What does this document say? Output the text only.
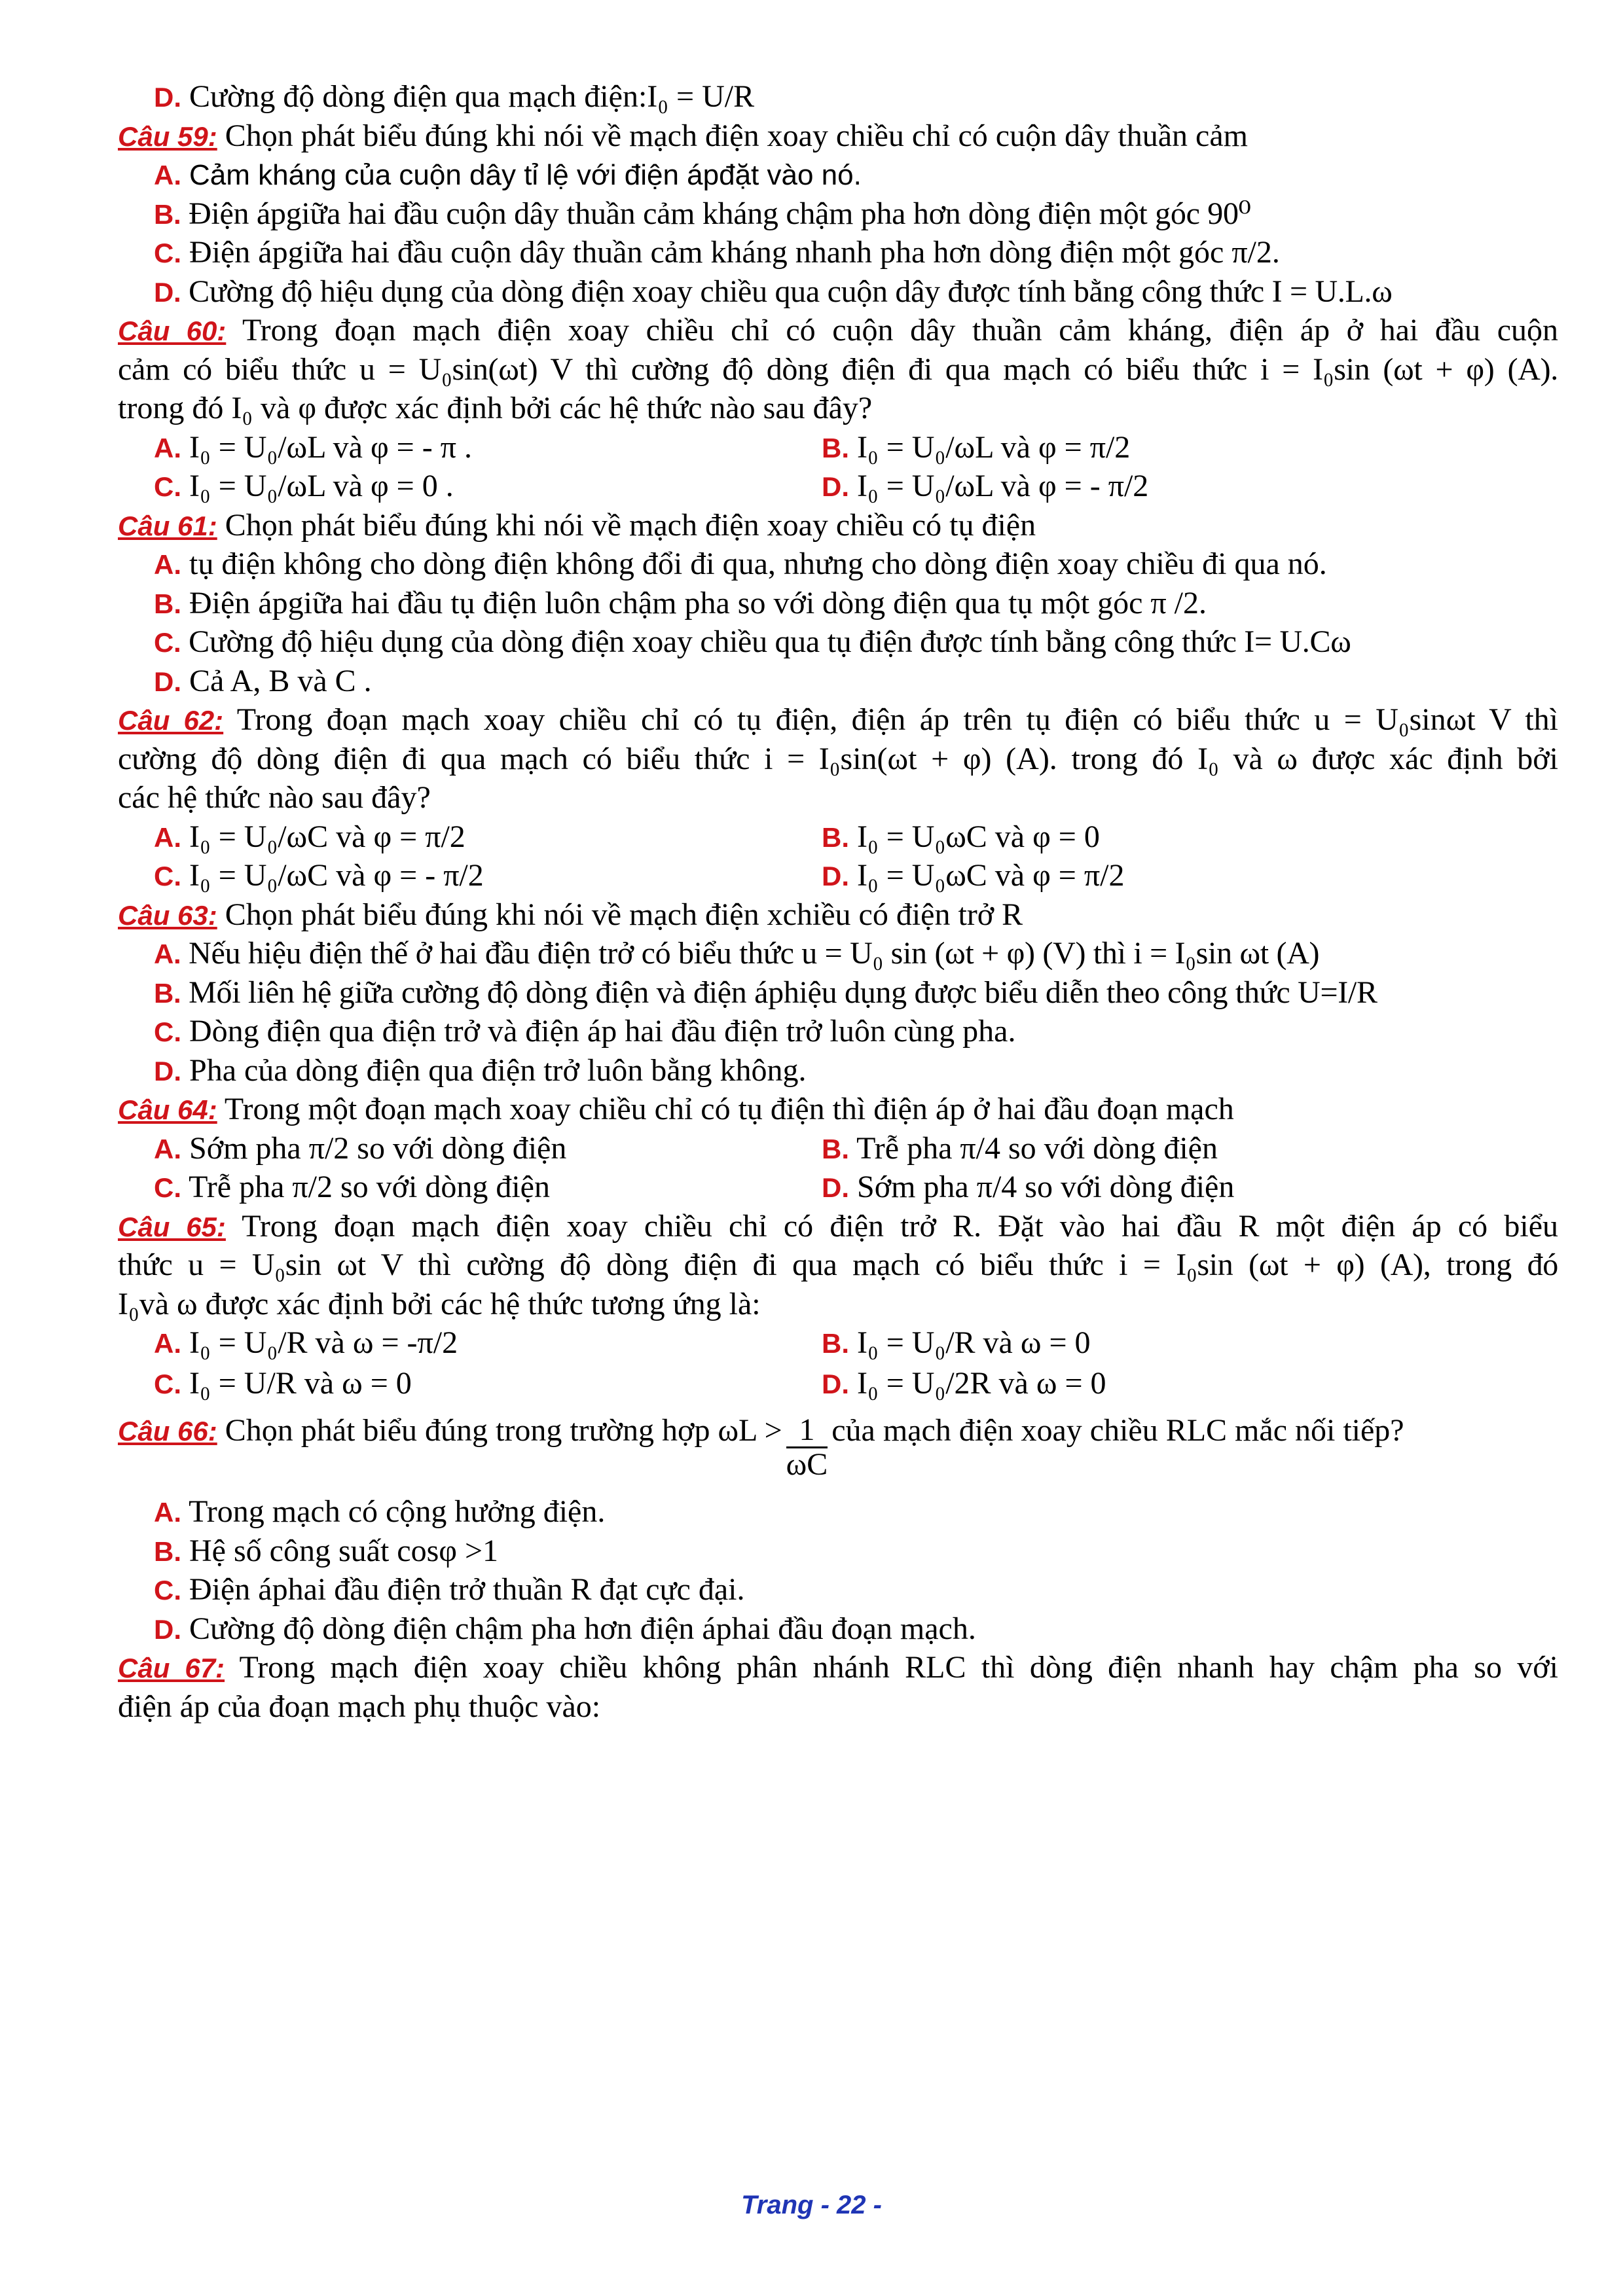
D. Cường độ dòng điện qua mạch điện:I₀ = U/R
Câu 59: Chọn phát biểu đúng khi nói về mạch điện xoay chiều chỉ có cuộn dây thuần cảm
A. Cảm kháng của cuộn dây tỉ lệ với điện ápđặt vào nó.
B. Điện ápgiữa hai đầu cuộn dây thuần cảm kháng chậm pha hơn dòng điện một góc 90⁰
C. Điện ápgiữa hai đầu cuộn dây thuần cảm kháng nhanh pha hơn dòng điện một góc π/2.
D. Cường độ hiệu dụng của dòng điện xoay chiều qua cuộn dây được tính bằng công thức I = U.L.ω
Câu 60: Trong đoạn mạch điện xoay chiều chỉ có cuộn dây thuần cảm kháng, điện áp ở hai đầu cuộn
cảm có biểu thức u = U₀sin(ωt) V thì cường độ dòng điện đi qua mạch có biểu thức i = I₀sin (ωt + φ) (A).
trong đó I₀ và φ được xác định bởi các hệ thức nào sau đây?
A. I₀ = U₀/ωL và φ = - π .	B. I₀ = U₀/ωL và φ = π/2
C. I₀ = U₀/ωL và φ = 0 .	D. I₀ = U₀/ωL và φ = - π/2
Câu 61: Chọn phát biểu đúng khi nói về mạch điện xoay chiều có tụ điện
A. tụ điện không cho dòng điện không đổi đi qua, nhưng cho dòng điện xoay chiều đi qua nó.
B. Điện ápgiữa hai đầu tụ điện luôn chậm pha so với dòng điện qua tụ một góc π /2.
C. Cường độ hiệu dụng của dòng điện xoay chiều qua tụ điện được tính bằng công thức I= U.Cω
D. Cả A, B và C .
Câu 62: Trong đoạn mạch xoay chiều chỉ có tụ điện, điện áp trên tụ điện có biểu thức u = U₀sinωt V thì
cường độ dòng điện đi qua mạch có biểu thức i = I₀sin(ωt + φ) (A). trong đó I₀ và ω được xác định bởi
các hệ thức nào sau đây?
A. I₀ = U₀/ωC và φ = π/2	B. I₀ = U₀ωC và φ = 0
C. I₀ = U₀/ωC và φ = - π/2	D. I₀ = U₀ωC và φ = π/2
Câu 63: Chọn phát biểu đúng khi nói về mạch điện xchiều có điện trở R
A. Nếu hiệu điện thế ở hai đầu điện trở có biểu thức u = U₀ sin (ωt + φ) (V) thì i = I₀sin ωt (A)
B. Mối liên hệ giữa cường độ dòng điện và điện áphiệu dụng được biểu diễn theo công thức U=I/R
C. Dòng điện qua điện trở và điện áp hai đầu điện trở luôn cùng pha.
D. Pha của dòng điện qua điện trở luôn bằng không.
Câu 64: Trong một đoạn mạch xoay chiều chỉ có tụ điện thì điện áp ở hai đầu đoạn mạch
A. Sớm pha π/2 so với dòng điện	B. Trễ pha π/4 so với dòng điện
C. Trễ pha π/2 so với dòng điện	D. Sớm pha π/4 so với dòng điện
Câu 65: Trong đoạn mạch điện xoay chiều chỉ có điện trở R. Đặt vào hai đầu R một điện áp có biểu
thức u = U₀sin ωt V thì cường độ dòng điện đi qua mạch có biểu thức i = I₀sin (ωt + φ) (A), trong đó
I₀và ω được xác định bởi các hệ thức tương ứng là:
A. I₀ = U₀/R và ω = -π/2	B. I₀ = U₀/R và ω = 0
C. I₀ = U/R và ω = 0	D. I₀ = U₀/2R và ω = 0
Câu 66: Chọn phát biểu đúng trong trường hợp $\omega L > \frac{1}{\omega C}$ của mạch điện xoay chiều RLC mắc nối tiếp?
A. Trong mạch có cộng hưởng điện.
B. Hệ số công suất cosφ >1
C. Điện áphai đầu điện trở thuần R đạt cực đại.
D. Cường độ dòng điện chậm pha hơn điện áphai đầu đoạn mạch.
Câu 67: Trong mạch điện xoay chiều không phân nhánh RLC thì dòng điện nhanh hay chậm pha so với
điện áp của đoạn mạch phụ thuộc vào:
Trang - 22 -
